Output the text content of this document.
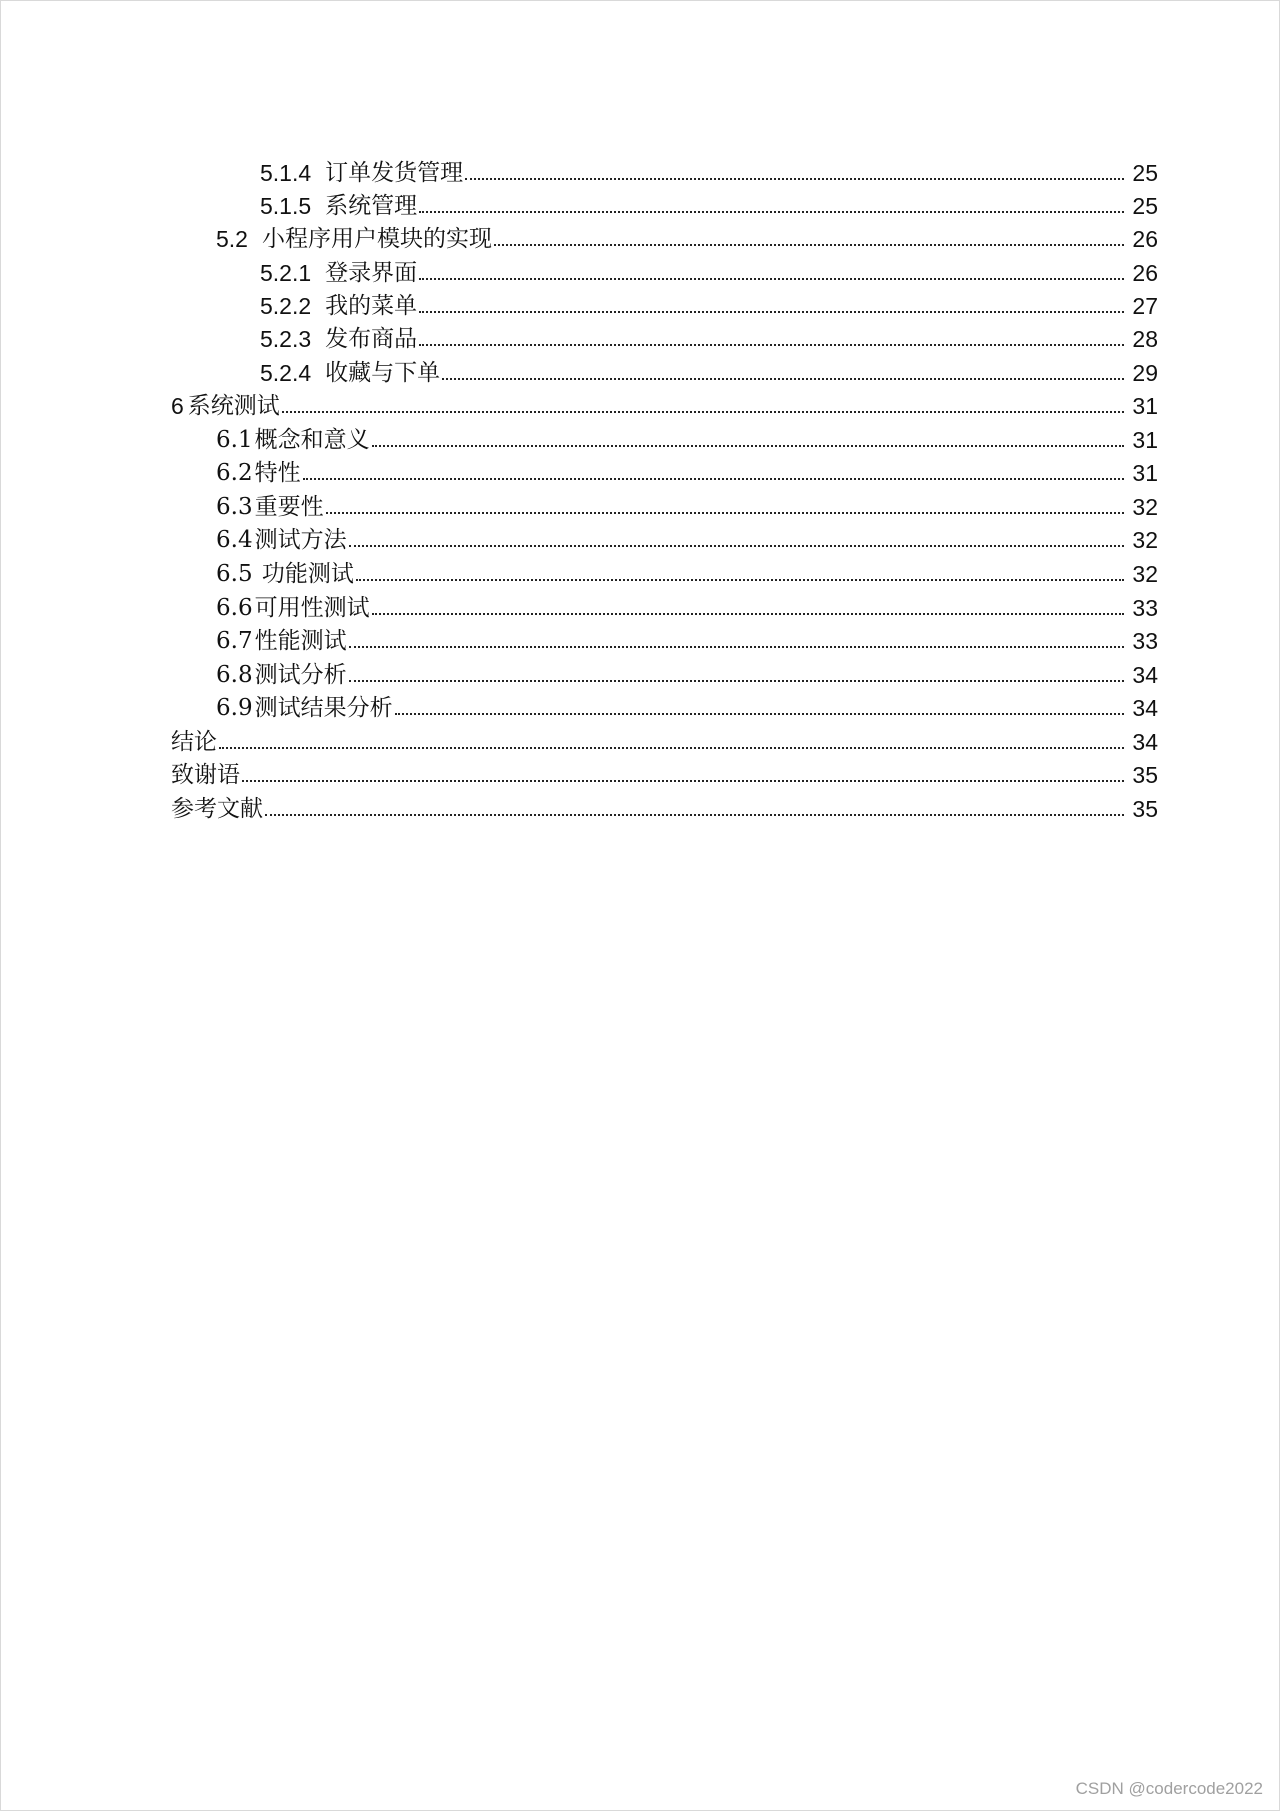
5.1.4 订单发货管理	25
5.1.5 系统管理	25
5.2 小程序用户模块的实现	26
5.2.1 登录界面	26
5.2.2 我的菜单	27
5.2.3 发布商品	28
5.2.4 收藏与下单	29
6 系统测试	31
6.1 概念和意义	31
6.2 特性	31
6.3 重要性	32
6.4 测试方法	32
6.5 功能测试	32
6.6 可用性测试	33
6.7 性能测试	33
6.8 测试分析	34
6.9 测试结果分析	34
结论	34
致谢语	35
参考文献	35
CSDN @codercode2022
